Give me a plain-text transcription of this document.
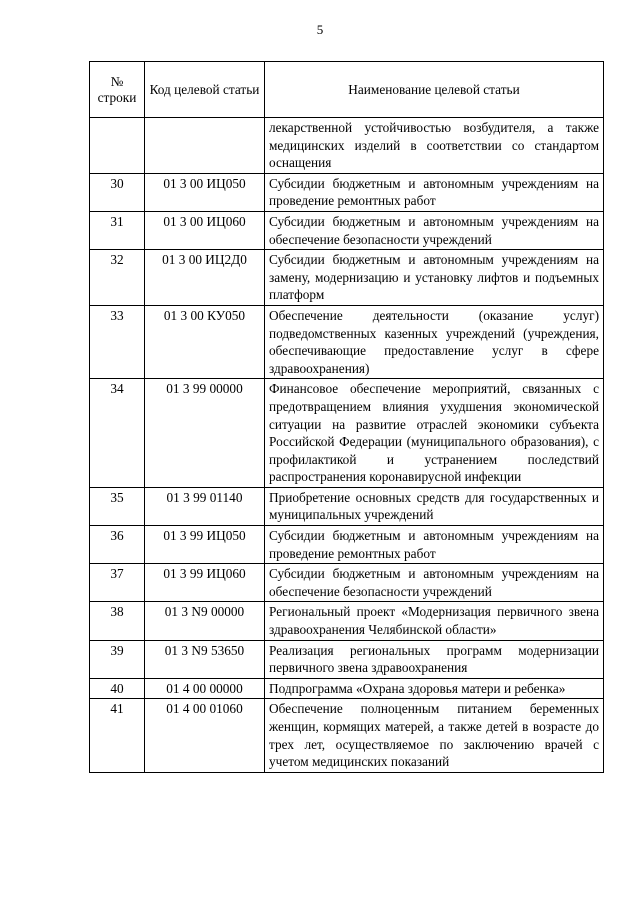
5
№ строки	Код целевой статьи	Наименование целевой статьи
		лекарственной устойчивостью возбудителя, а также медицинских изделий в соответствии со стандартом оснащения
30	01 3 00 ИЦ050	Субсидии бюджетным и автономным учреждениям на проведение ремонтных работ
31	01 3 00 ИЦ060	Субсидии бюджетным и автономным учреждениям на обеспечение безопасности учреждений
32	01 3 00 ИЦ2Д0	Субсидии бюджетным и автономным учреждениям на замену, модернизацию и установку лифтов и подъемных платформ
33	01 3 00 КУ050	Обеспечение деятельности (оказание услуг) подведомственных казенных учреждений (учреждения, обеспечивающие предоставление услуг в сфере здравоохранения)
34	01 3 99 00000	Финансовое обеспечение мероприятий, связанных с предотвращением влияния ухудшения экономической ситуации на развитие отраслей экономики субъекта Российской Федерации (муниципального образования), с профилактикой и устранением последствий распространения коронавирусной инфекции
35	01 3 99 01140	Приобретение основных средств для государственных и муниципальных учреждений
36	01 3 99 ИЦ050	Субсидии бюджетным и автономным учреждениям на проведение ремонтных работ
37	01 3 99 ИЦ060	Субсидии бюджетным и автономным учреждениям на обеспечение безопасности учреждений
38	01 3 N9 00000	Региональный проект «Модернизация первичного звена здравоохранения Челябинской области»
39	01 3 N9 53650	Реализация региональных программ модернизации первичного звена здравоохранения
40	01 4 00 00000	Подпрограмма «Охрана здоровья матери и ребенка»
41	01 4 00 01060	Обеспечение полноценным питанием беременных женщин, кормящих матерей, а также детей в возрасте до трех лет, осуществляемое по заключению врачей с учетом медицинских показаний
